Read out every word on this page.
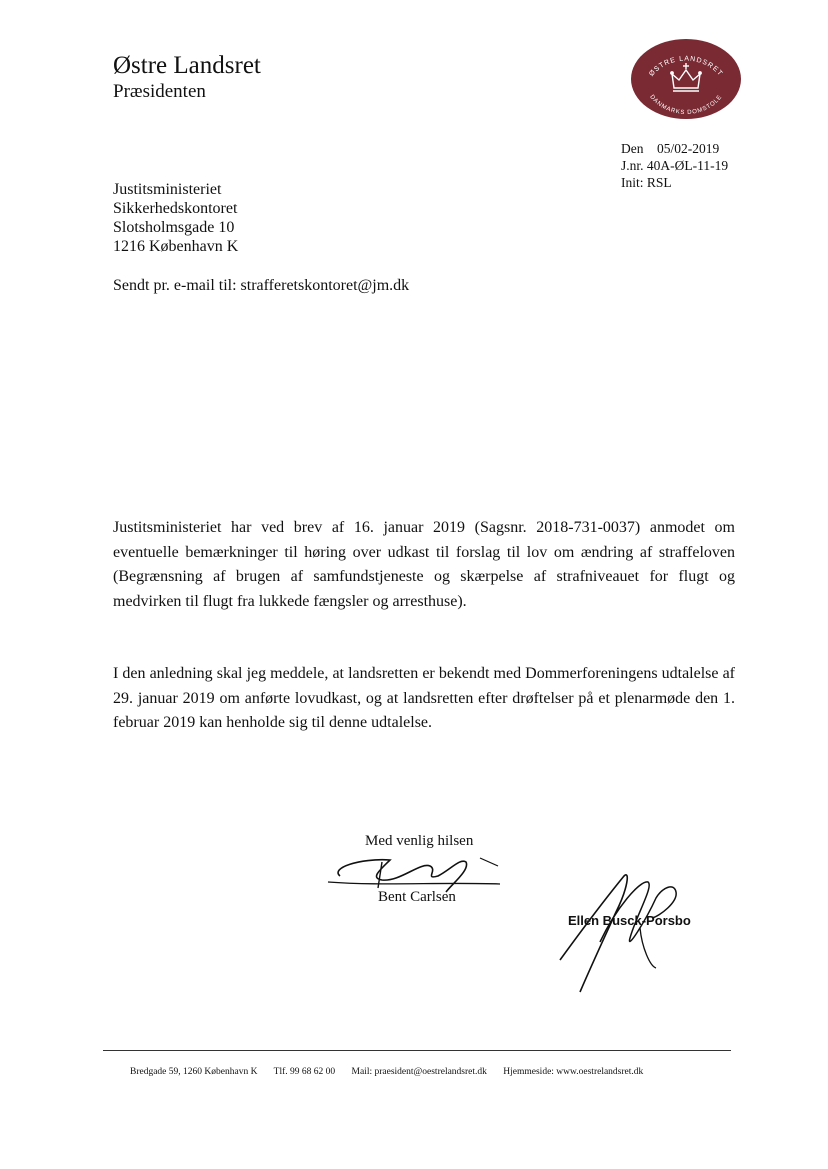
Østre Landsret
Præsidenten
ØSTRE LANDSRET
DANMARKS DOMSTOLE
Den    05/02-2019
J.nr. 40A-ØL-11-19
Init: RSL
Justitsministeriet
Sikkerhedskontoret
Slotsholmsgade 10
1216 København K
Sendt pr. e-mail til: strafferetskontoret@jm.dk
Justitsministeriet har ved brev af 16. januar 2019 (Sagsnr. 2018-731-0037) anmodet om eventuelle bemærkninger til høring over udkast til forslag til lov om ændring af straffeloven (Begrænsning af brugen af samfundstjeneste og skærpelse af strafniveauet for flugt og medvirken til flugt fra lukkede fængsler og arresthuse).
I den anledning skal jeg meddele, at landsretten er bekendt med Dommerforeningens udtalelse af 29. januar 2019 om anførte lovudkast, og at landsretten efter drøftelser på et plenarmøde den 1. februar 2019 kan henholde sig til denne udtalelse.
Med venlig hilsen
Bent Carlsen
Ellen Busck-Porsbo
Bredgade 59, 1260 København K Tlf. 99 68 62 00 Mail: praesident@oestrelandsret.dk Hjemmeside: www.oestrelandsret.dk
